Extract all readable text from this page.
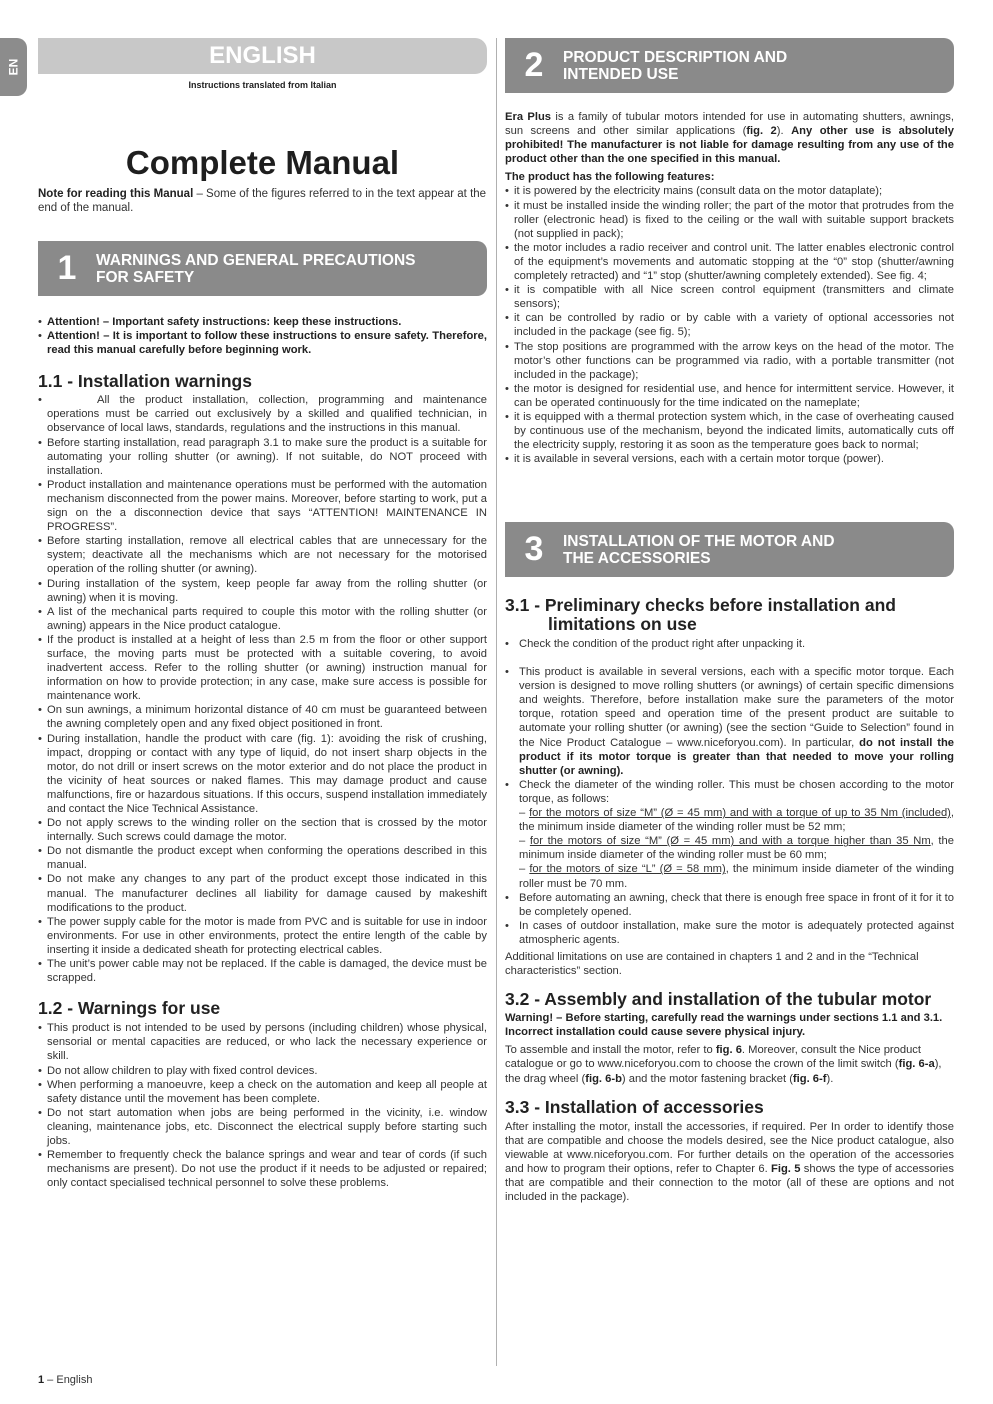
EN	ENGLISH
Instructions translated from Italian
Complete Manual
Note for reading this Manual – Some of the figures referred to in the text appear at the end of the manual.
1	WARNINGS AND GENERAL PRECAUTIONS
FOR SAFETY
• Attention! – Important safety instructions: keep these instructions.
• Attention! – It is important to follow these instructions to ensure safety. Therefore, read this manual carefully before beginning work.
1.1 - Installation warnings
• All the product installation, collection, programming and maintenance operations must be carried out exclusively by a skilled and qualified technician, in observance of local laws, standards, regulations and the instructions in this manual.
• Before starting installation, read paragraph 3.1 to make sure the product is a suitable for automating your rolling shutter (or awning). If not suitable, do NOT proceed with installation.
• Product installation and maintenance operations must be performed with the automation mechanism disconnected from the power mains. Moreover, before starting to work, put a sign on the a disconnection device that says “ATTENTION! MAINTENANCE IN PROGRESS”.
• Before starting installation, remove all electrical cables that are unnecessary for the system; deactivate all the mechanisms which are not necessary for the motorised operation of the rolling shutter (or awning).
• During installation of the system, keep people far away from the rolling shutter (or awning) when it is moving.
• A list of the mechanical parts required to couple this motor with the rolling shutter (or awning) appears in the Nice product catalogue.
• If the product is installed at a height of less than 2.5 m from the floor or other support surface, the moving parts must be protected with a suitable covering, to avoid inadvertent access. Refer to the rolling shutter (or awning) instruction manual for information on how to provide protection; in any case, make sure access is possible for maintenance work.
• On sun awnings, a minimum horizontal distance of 40 cm must be guaranteed between the awning completely open and any fixed object positioned in front.
• During installation, handle the product with care (fig. 1): avoiding the risk of crushing, impact, dropping or contact with any type of liquid, do not insert sharp objects in the motor, do not drill or insert screws on the motor exterior and do not place the product in the vicinity of heat sources or naked flames. This may damage product and cause malfunctions, fire or hazardous situations. If this occurs, suspend installation immediately and contact the Nice Technical Assistance.
• Do not apply screws to the winding roller on the section that is crossed by the motor internally. Such screws could damage the motor.
• Do not dismantle the product except when conforming the operations described in this manual.
• Do not make any changes to any part of the product except those indicated in this manual. The manufacturer declines all liability for damage caused by makeshift modifications to the product.
• The power supply cable for the motor is made from PVC and is suitable for use in indoor environments. For use in other environments, protect the entire length of the cable by inserting it inside a dedicated sheath for protecting electrical cables.
• The unit’s power cable may not be replaced. If the cable is damaged, the device must be scrapped.
1.2 - Warnings for use
• This product is not intended to be used by persons (including children) whose physical, sensorial or mental capacities are reduced, or who lack the necessary experience or skill.
• Do not allow children to play with fixed control devices.
• When performing a manoeuvre, keep a check on the automation and keep all people at safety distance until the movement has been complete.
• Do not start automation when jobs are being performed in the vicinity, i.e. window cleaning, maintenance jobs, etc. Disconnect the electrical supply before starting such jobs.
• Remember to frequently check the balance springs and wear and tear of cords (if such mechanisms are present). Do not use the product if it needs to be adjusted or repaired; only contact specialised technical personnel to solve these problems.
2	PRODUCT DESCRIPTION AND
INTENDED USE

Era Plus is a family of tubular motors intended for use in automating shutters, awnings, sun screens and other similar applications (fig. 2). Any other use is absolutely prohibited! The manufacturer is not liable for damage resulting from any use of the product other than the one specified in this manual.

The product has the following features:

• it is powered by the electricity mains (consult data on the motor dataplate);
• it must be installed inside the winding roller; the part of the motor that protrudes from the roller (electronic head) is fixed to the ceiling or the wall with suitable support brackets (not supplied in pack);
• the motor includes a radio receiver and control unit. The latter enables electronic control of the equipment’s movements and automatic stopping at the “0” stop (shutter/awning completely retracted) and “1” stop (shutter/awning completely extended). See fig. 4;
• it is compatible with all Nice screen control equipment (transmitters and climate sensors);
• it can be controlled by radio or by cable with a variety of optional accessories not included in the package (see fig. 5);
• The stop positions are programmed with the arrow keys on the head of the motor. The motor’s other functions can be programmed via radio, with a portable transmitter (not included in the package);
• the motor is designed for residential use, and hence for intermittent service. However, it can be operated continuously for the time indicated on the nameplate;
• it is equipped with a thermal protection system which, in the case of overheating caused by continuous use of the mechanism, beyond the indicated limits, automatically cuts off the electricity supply, restoring it as soon as the temperature goes back to normal;
• it is available in several versions, each with a certain motor torque (power).
3	INSTALLATION OF THE MOTOR AND
THE ACCESSORIES
3.1 - Preliminary checks before installation and
limitations on use
• Check the condition of the product right after unpacking it.
• This product is available in several versions, each with a specific motor torque. Each version is designed to move rolling shutters (or awnings) of certain specific dimensions and weights. Therefore, before installation make sure the parameters of the motor torque, rotation speed and operation time of the present product are suitable to automate your rolling shutter (or awning) (see the section “Guide to Selection” found in the Nice Product Catalogue – www.niceforyou.com). In particular, do not install the product if its motor torque is greater than that needed to move your rolling shutter (or awning).
• Check the diameter of the winding roller. This must be chosen according to the motor torque, as follows:
– for the motors of size “M” (Ø = 45 mm) and with a torque of up to 35 Nm (included), the minimum inside diameter of the winding roller must be 52 mm;
– for the motors of size “M” (Ø = 45 mm) and with a torque higher than 35 Nm, the minimum inside diameter of the winding roller must be 60 mm;
– for the motors of size “L” (Ø = 58 mm), the minimum inside diameter of the winding roller must be 70 mm.
• Before automating an awning, check that there is enough free space in front of it for it to be completely opened.
• In cases of outdoor installation, make sure the motor is adequately protected against atmospheric agents.

Additional limitations on use are contained in chapters 1 and 2 and in the “Technical characteristics” section.

3.2 - Assembly and installation of the tubular motor

Warning! – Before starting, carefully read the warnings under sections 1.1 and 3.1. Incorrect installation could cause severe physical injury.

To assemble and install the motor, refer to fig. 6. Moreover, consult the Nice product catalogue or go to www.niceforyou.com to choose the crown of the limit switch (fig. 6-a), the drag wheel (fig. 6-b) and the motor fastening bracket (fig. 6-f).

3.3 - Installation of accessories

After installing the motor, install the accessories, if required. Per In order to identify those that are compatible and choose the models desired, see the Nice product catalogue, also viewable at www.niceforyou.com. For further details on the operation of the accessories and how to program their options, refer to Chapter 6. Fig. 5 shows the type of accessories that are compatible and their connection to the motor (all of these are options and not included in the package).

1 – English
